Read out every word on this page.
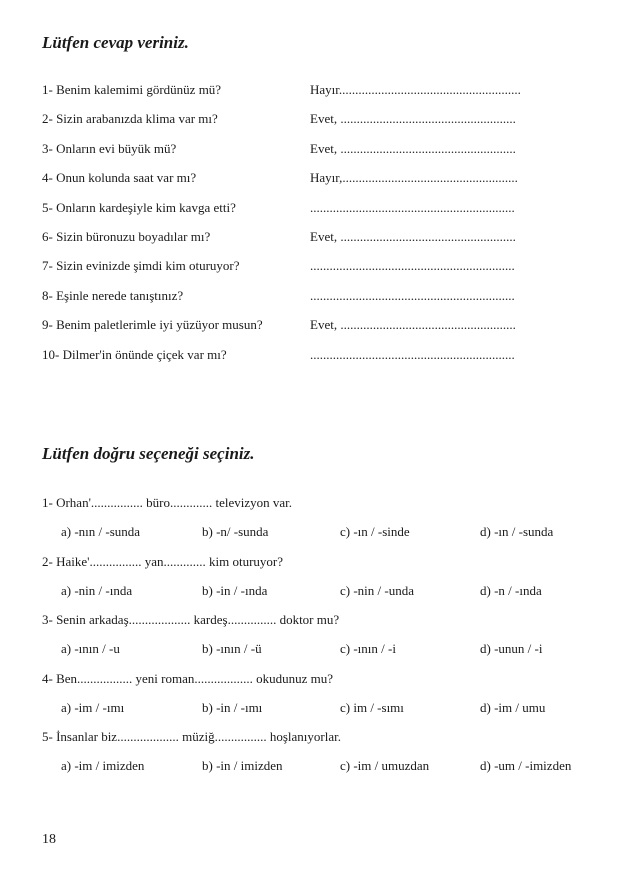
Lütfen cevap veriniz.
1- Benim kalemimi gördünüz mü?	Hayır........................................................
2- Sizin arabanızda klima var mı?	Evet, ......................................................
3- Onların evi büyük mü?	Evet, ......................................................
4- Onun kolunda saat var mı?	Hayır,......................................................
5- Onların kardeşiyle kim kavga etti?	...............................................................
6- Sizin büronuzu boyadılar mı?	Evet, ......................................................
7- Sizin evinizde şimdi kim oturuyor?	...............................................................
8- Eşinle nerede tanıştınız?	...............................................................
9- Benim paletlerimle iyi yüzüyor musun?	Evet, ......................................................
10- Dilmer'in önünde çiçek var mı?	...............................................................
Lütfen doğru seçeneği seçiniz.
1- Orhan'................ büro............. televizyon var.
a) -nın / -sunda	b) -n/ -sunda	c) -ın / -sinde	d) -ın / -sunda
2- Haike'................ yan............. kim oturuyor?
a) -nin / -ında	b) -in / -ında	c) -nin / -unda	d) -n / -ında
3- Senin arkadaş................... kardeş............... doktor mu?
a) -ının / -u	b) -ının / -ü	c) -ının / -i	d) -unun / -i
4- Ben................. yeni roman.................. okudunuz mu?
a) -im / -ımı	b) -in / -ımı	c) im / -sımı	d) -im / umu
5- İnsanlar biz................... müziğ................ hoşlanıyorlar.
a) -im / imizden	b) -in / imizden	c) -im / umuzdan	d) -um / -imizden
18
